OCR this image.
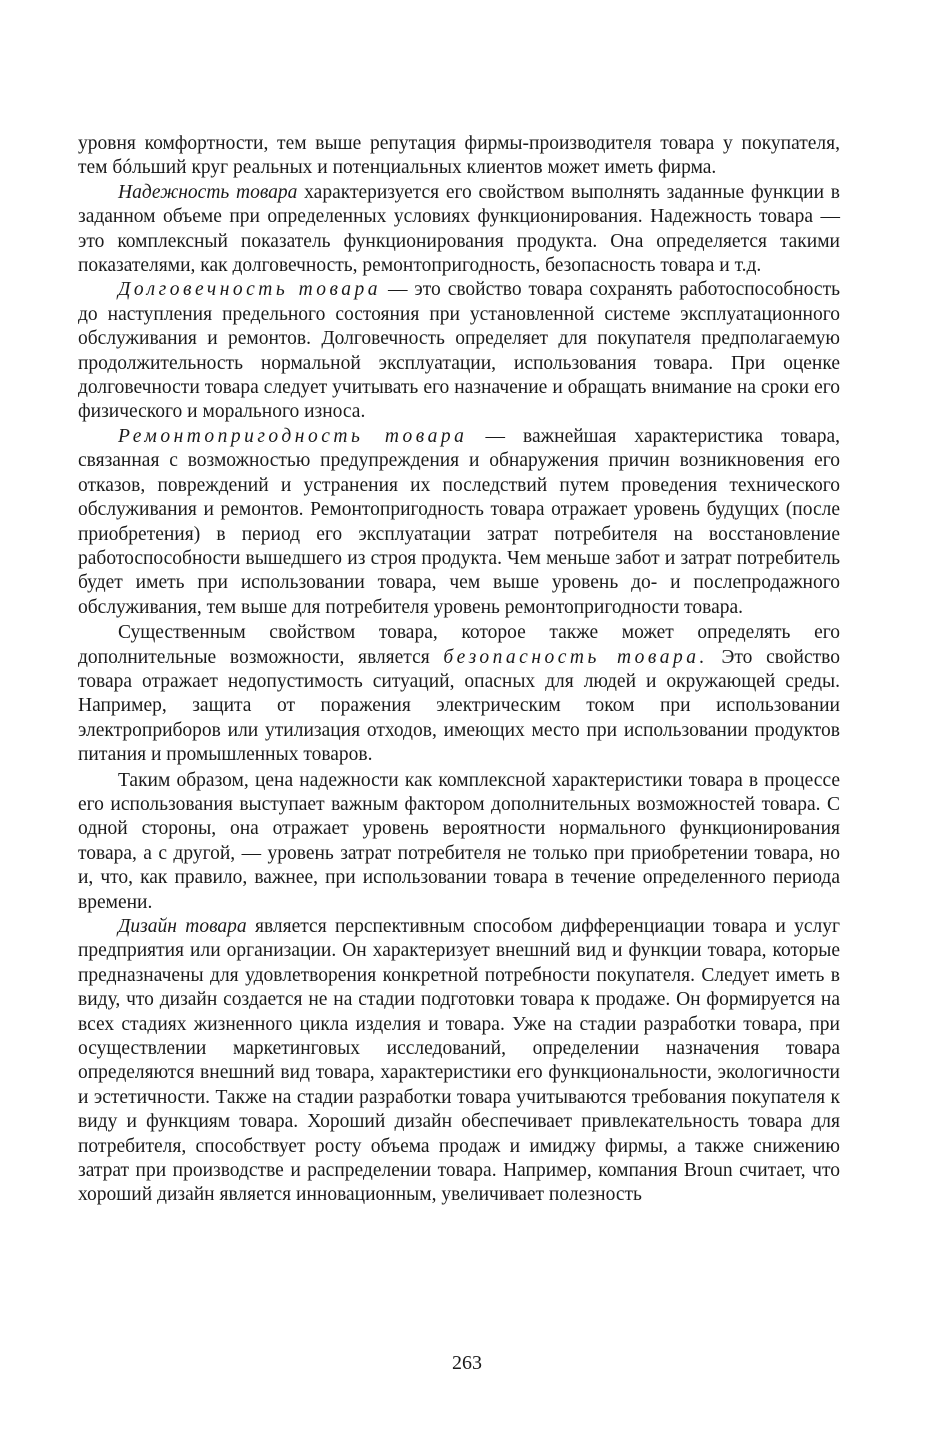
уровня комфортности, тем выше репутация фирмы-производителя товара у покупателя, тем бóльший круг реальных и потенциальных клиентов может иметь фирма.

Надежность товара характеризуется его свойством выполнять заданные функции в заданном объеме при определенных условиях функционирования. Надежность товара — это комплексный показатель функционирования продукта. Она определяется такими показателями, как долговечность, ремонтопригодность, безопасность товара и т.д.

Долговечность товара — это свойство товара сохранять работоспособность до наступления предельного состояния при установленной системе эксплуатационного обслуживания и ремонтов. Долговечность определяет для покупателя предполагаемую продолжительность нормальной эксплуатации, использования товара. При оценке долговечности товара следует учитывать его назначение и обращать внимание на сроки его физического и морального износа.

Ремонтопригодность товара — важнейшая характеристика товара, связанная с возможностью предупреждения и обнаружения причин возникновения его отказов, повреждений и устранения их последствий путем проведения технического обслуживания и ремонтов. Ремонтопригодность товара отражает уровень будущих (после приобретения) в период его эксплуатации затрат потребителя на восстановление работоспособности вышедшего из строя продукта. Чем меньше забот и затрат потребитель будет иметь при использовании товара, чем выше уровень до- и послепродажного обслуживания, тем выше для потребителя уровень ремонтопригодности товара.

Существенным свойством товара, которое также может определять его дополнительные возможности, является безопасность товара. Это свойство товара отражает недопустимость ситуаций, опасных для людей и окружающей среды. Например, защита от поражения электрическим током при использовании электроприборов или утилизация отходов, имеющих место при использовании продуктов питания и промышленных товаров.

Таким образом, цена надежности как комплексной характеристики товара в процессе его использования выступает важным фактором дополнительных возможностей товара. С одной стороны, она отражает уровень вероятности нормального функционирования товара, а с другой, — уровень затрат потребителя не только при приобретении товара, но и, что, как правило, важнее, при использовании товара в течение определенного периода времени.

Дизайн товара является перспективным способом дифференциации товара и услуг предприятия или организации. Он характеризует внешний вид и функции товара, которые предназначены для удовлетворения конкретной потребности покупателя. Следует иметь в виду, что дизайн создается не на стадии подготовки товара к продаже. Он формируется на всех стадиях жизненного цикла изделия и товара. Уже на стадии разработки товара, при осуществлении маркетинговых исследований, определении назначения товара определяются внешний вид товара, характеристики его функциональности, экологичности и эстетичности. Также на стадии разработки товара учитываются требования покупателя к виду и функциям товара. Хороший дизайн обеспечивает привлекательность товара для потребителя, способствует росту объема продаж и имиджу фирмы, а также снижению затрат при производстве и распределении товара. Например, компания Broun считает, что хороший дизайн является инновационным, увеличивает полезность

263
